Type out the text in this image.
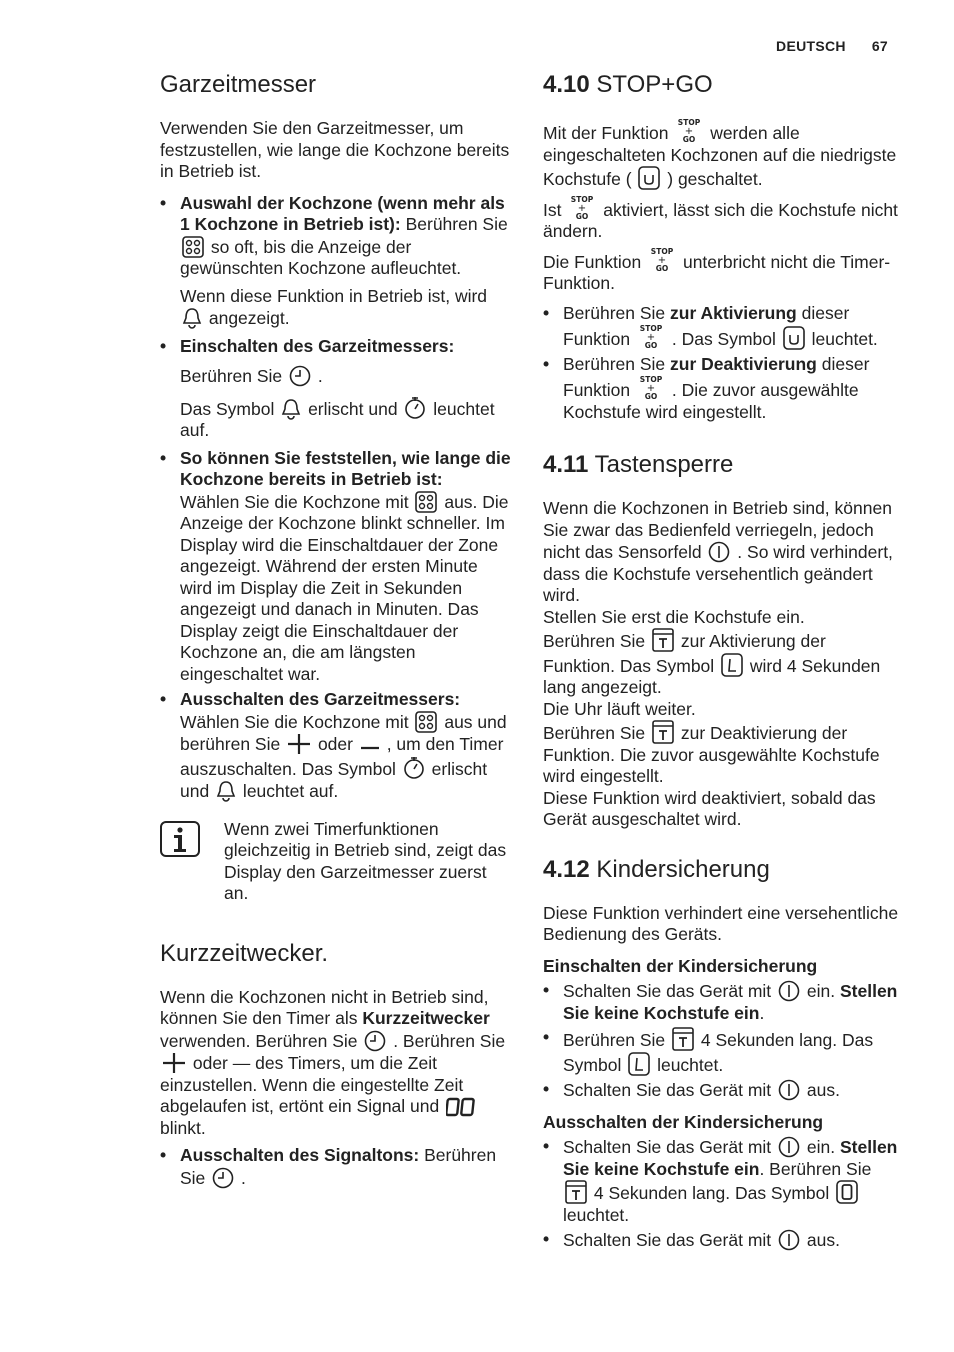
DEUTSCH 67
Garzeitmesser

Verwenden Sie den Garzeitmesser, um festzustellen, wie lange die Kochzone bereits in Betrieb ist.

• Auswahl der Kochzone (wenn mehr als 1 Kochzone in Betrieb ist): Berühren Sie  so oft, bis die Anzeige der gewünschten Kochzone aufleuchtet.

Wenn diese Funktion in Betrieb ist, wird  angezeigt.

• Einschalten des Garzeitmessers:

Berühren Sie  .

Das Symbol  erlischt und  leuchtet auf.

• So können Sie feststellen, wie lange die Kochzone bereits in Betrieb ist:
Wählen Sie die Kochzone mit  aus. Die Anzeige der Kochzone blinkt schneller. Im Display wird die Einschaltdauer der Zone angezeigt. Während der ersten Minute wird im Display die Zeit in Sekunden angezeigt und danach in Minuten. Das Display zeigt die Einschaltdauer der Kochzone an, die am längsten eingeschaltet war.
• Ausschalten des Garzeitmessers:
Wählen Sie die Kochzone mit  aus und berühren Sie  oder  , um den Timer auszuschalten. Das Symbol  erlischt und  leuchtet auf.
Wenn zwei Timerfunktionen gleichzeitig in Betrieb sind, zeigt das Display den Garzeitmesser zuerst an.
Kurzzeitwecker.

Wenn die Kochzonen nicht in Betrieb sind, können Sie den Timer als Kurzzeitwecker verwenden. Berühren Sie  . Berühren Sie  oder — des Timers, um die Zeit einzustellen. Wenn die eingestellte Zeit abgelaufen ist, ertönt ein Signal und  blinkt.

• Ausschalten des Signaltons: Berühren Sie  .
4.10 STOP+GO

Mit der Funktion
STOP
+
GO werden alle eingeschalteten Kochzonen auf die niedrigste Kochstufe (  ) geschaltet.

Ist
STOP
+
GO aktiviert, lässt sich die Kochstufe nicht ändern.

Die Funktion
STOP
+
GO unterbricht nicht die Timer-Funktion.

• Berühren Sie zur Aktivierung dieser Funktion
STOP
+
GO . Das Symbol  leuchtet.
• Berühren Sie zur Deaktivierung dieser Funktion
STOP
+
GO . Die zuvor ausgewählte Kochstufe wird eingestellt.
4.11 Tastensperre

Wenn die Kochzonen in Betrieb sind, können Sie zwar das Bedienfeld verriegeln, jedoch nicht das Sensorfeld  . So wird verhindert, dass die Kochstufe versehentlich geändert wird.

Stellen Sie erst die Kochstufe ein.

Berühren Sie  zur Aktivierung der Funktion. Das Symbol  wird 4 Sekunden lang angezeigt.

Die Uhr läuft weiter.

Berühren Sie  zur Deaktivierung der Funktion. Die zuvor ausgewählte Kochstufe wird eingestellt.

Diese Funktion wird deaktiviert, sobald das Gerät ausgeschaltet wird.

4.12 Kindersicherung

Diese Funktion verhindert eine versehentliche Bedienung des Geräts.

Einschalten der Kindersicherung

• Schalten Sie das Gerät mit  ein. Stellen Sie keine Kochstufe ein.
• Berühren Sie  4 Sekunden lang. Das Symbol  leuchtet.
• Schalten Sie das Gerät mit  aus.

Ausschalten der Kindersicherung

• Schalten Sie das Gerät mit  ein. Stellen Sie keine Kochstufe ein. Berühren Sie  4 Sekunden lang. Das Symbol  leuchtet.
• Schalten Sie das Gerät mit  aus.
